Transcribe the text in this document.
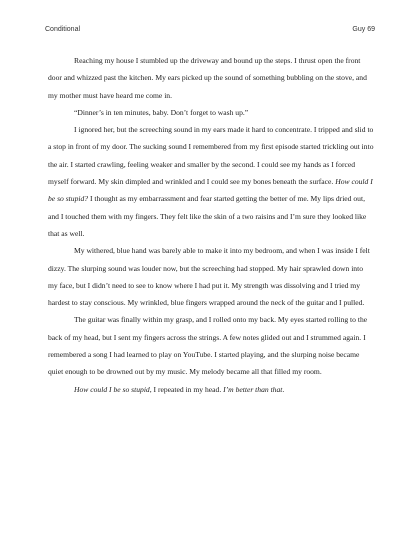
Conditional	Guy 69

Reaching my house I stumbled up the driveway and bound up the steps. I thrust open the front door and whizzed past the kitchen. My ears picked up the sound of something bubbling on the stove, and my mother must have heard me come in.

“Dinner’s in ten minutes, baby. Don’t forget to wash up.”

I ignored her, but the screeching sound in my ears made it hard to concentrate. I tripped and slid to a stop in front of my door. The sucking sound I remembered from my first episode started trickling out into the air. I started crawling, feeling weaker and smaller by the second. I could see my hands as I forced myself forward. My skin dimpled and wrinkled and I could see my bones beneath the surface. How could I be so stupid? I thought as my embarrassment and fear started getting the better of me. My lips dried out, and I touched them with my fingers. They felt like the skin of a two raisins and I’m sure they looked like that as well.

My withered, blue hand was barely able to make it into my bedroom, and when I was inside I felt dizzy. The slurping sound was louder now, but the screeching had stopped. My hair sprawled down into my face, but I didn’t need to see to know where I had put it. My strength was dissolving and I tried my hardest to stay conscious. My wrinkled, blue fingers wrapped around the neck of the guitar and I pulled.

The guitar was finally within my grasp, and I rolled onto my back. My eyes started rolling to the back of my head, but I sent my fingers across the strings. A few notes glided out and I strummed again. I remembered a song I had learned to play on YouTube. I started playing, and the slurping noise became quiet enough to be drowned out by my music. My melody became all that filled my room.

How could I be so stupid, I repeated in my head. I’m better than that.
